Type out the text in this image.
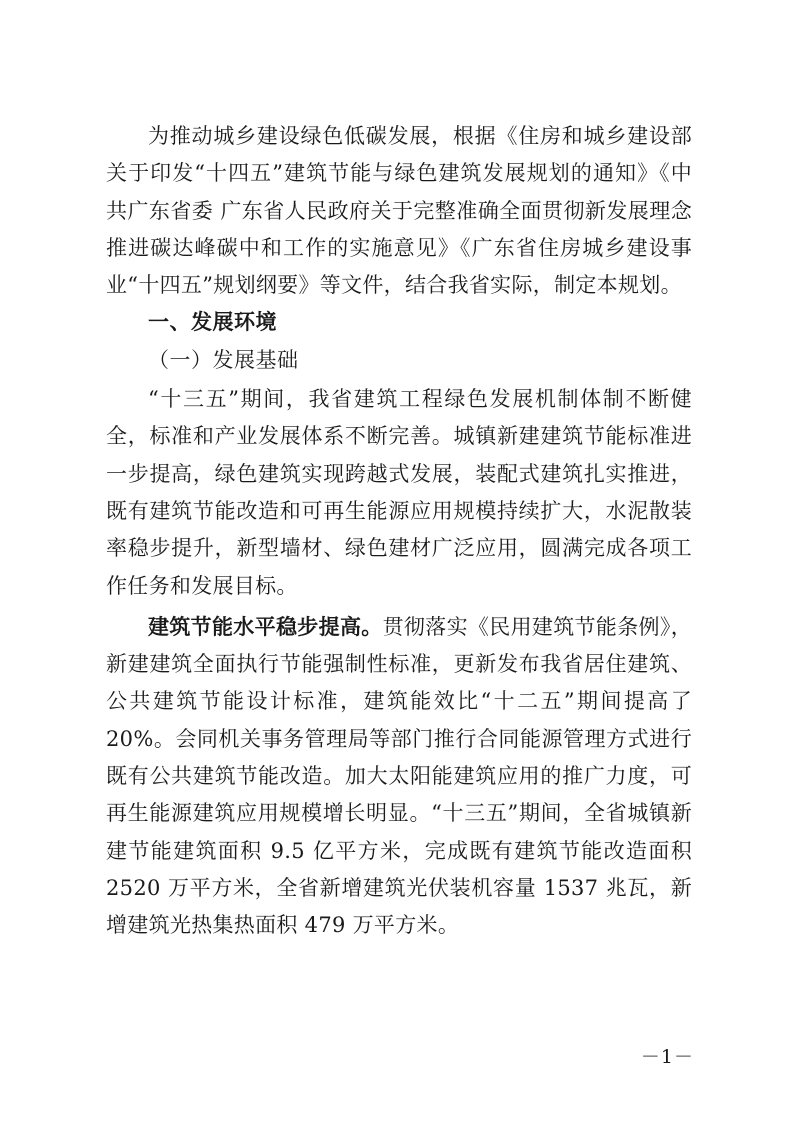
为推动城乡建设绿色低碳发展，根据《住房和城乡建设部关于印发“十四五”建筑节能与绿色建筑发展规划的通知》《中共广东省委 广东省人民政府关于完整准确全面贯彻新发展理念推进碳达峰碳中和工作的实施意见》《广东省住房城乡建设事业“十四五”规划纲要》等文件，结合我省实际，制定本规划。

一、发展环境

（一）发展基础

“十三五”期间，我省建筑工程绿色发展机制体制不断健全，标准和产业发展体系不断完善。城镇新建建筑节能标准进一步提高，绿色建筑实现跨越式发展，装配式建筑扎实推进，既有建筑节能改造和可再生能源应用规模持续扩大，水泥散装率稳步提升，新型墙材、绿色建材广泛应用，圆满完成各项工作任务和发展目标。

建筑节能水平稳步提高。贯彻落实《民用建筑节能条例》，新建建筑全面执行节能强制性标准，更新发布我省居住建筑、公共建筑节能设计标准，建筑能效比“十二五”期间提高了 20%。会同机关事务管理局等部门推行合同能源管理方式进行既有公共建筑节能改造。加大太阳能建筑应用的推广力度，可再生能源建筑应用规模增长明显。“十三五”期间，全省城镇新建节能建筑面积 9.5 亿平方米，完成既有建筑节能改造面积 2520 万平方米，全省新增建筑光伏装机容量 1537 兆瓦，新增建筑光热集热面积 479 万平方米。

－1－
